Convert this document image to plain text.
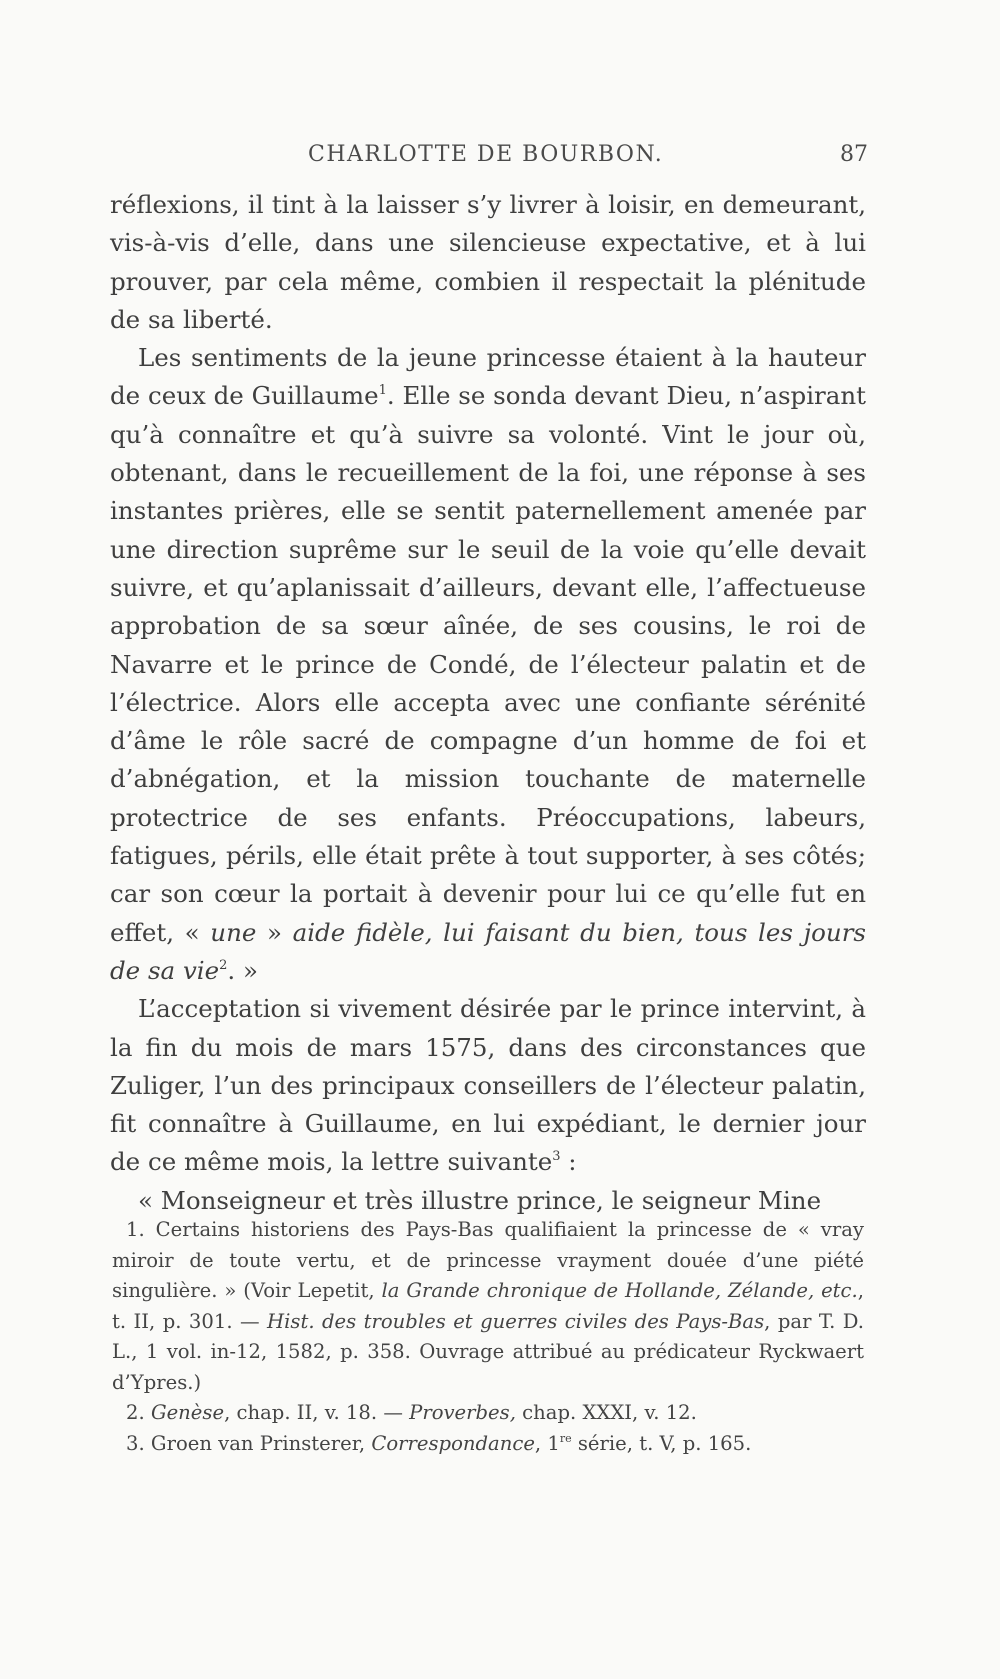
CHARLOTTE DE BOURBON.	87

réflexions, il tint à la laisser s’y livrer à loisir, en demeurant, vis-à-vis d’elle, dans une silencieuse expectative, et à lui prouver, par cela même, combien il respectait la plénitude de sa liberté.

Les sentiments de la jeune princesse étaient à la hauteur de ceux de Guillaume$^1$. Elle se sonda devant Dieu, n’aspirant qu’à connaître et qu’à suivre sa volonté. Vint le jour où, obtenant, dans le recueillement de la foi, une réponse à ses instantes prières, elle se sentit paternellement amenée par une direction suprême sur le seuil de la voie qu’elle devait suivre, et qu’aplanissait d’ailleurs, devant elle, l’affectueuse approbation de sa sœur aînée, de ses cousins, le roi de Navarre et le prince de Condé, de l’électeur palatin et de l’électrice. Alors elle accepta avec une confiante sérénité d’âme le rôle sacré de compagne d’un homme de foi et d’abnégation, et la mission touchante de maternelle protectrice de ses enfants. Préoccupations, labeurs, fatigues, périls, elle était prête à tout supporter, à ses côtés; car son cœur la portait à devenir pour lui ce qu’elle fut en effet, « une » aide fidèle, lui faisant du bien, tous les jours de sa vie$^2$. »

L’acceptation si vivement désirée par le prince intervint, à la fin du mois de mars 1575, dans des circonstances que Zuliger, l’un des principaux conseillers de l’électeur palatin, fit connaître à Guillaume, en lui expédiant, le dernier jour de ce même mois, la lettre suivante$^3$ :

« Monseigneur et très illustre prince, le seigneur Mine

1. Certains historiens des Pays-Bas qualifiaient la princesse de « vray miroir de toute vertu, et de princesse vrayment douée d’une piété singulière. » (Voir Lepetit, la Grande chronique de Hollande, Zélande, etc., t. II, p. 301. — Hist. des troubles et guerres civiles des Pays-Bas, par T. D. L., 1 vol. in-12, 1582, p. 358. Ouvrage attribué au prédicateur Ryckwaert d’Ypres.)

2. Genèse, chap. II, v. 18. — Proverbes, chap. XXXI, v. 12.

3. Groen van Prinsterer, Correspondance, 1re série, t. V, p. 165.
